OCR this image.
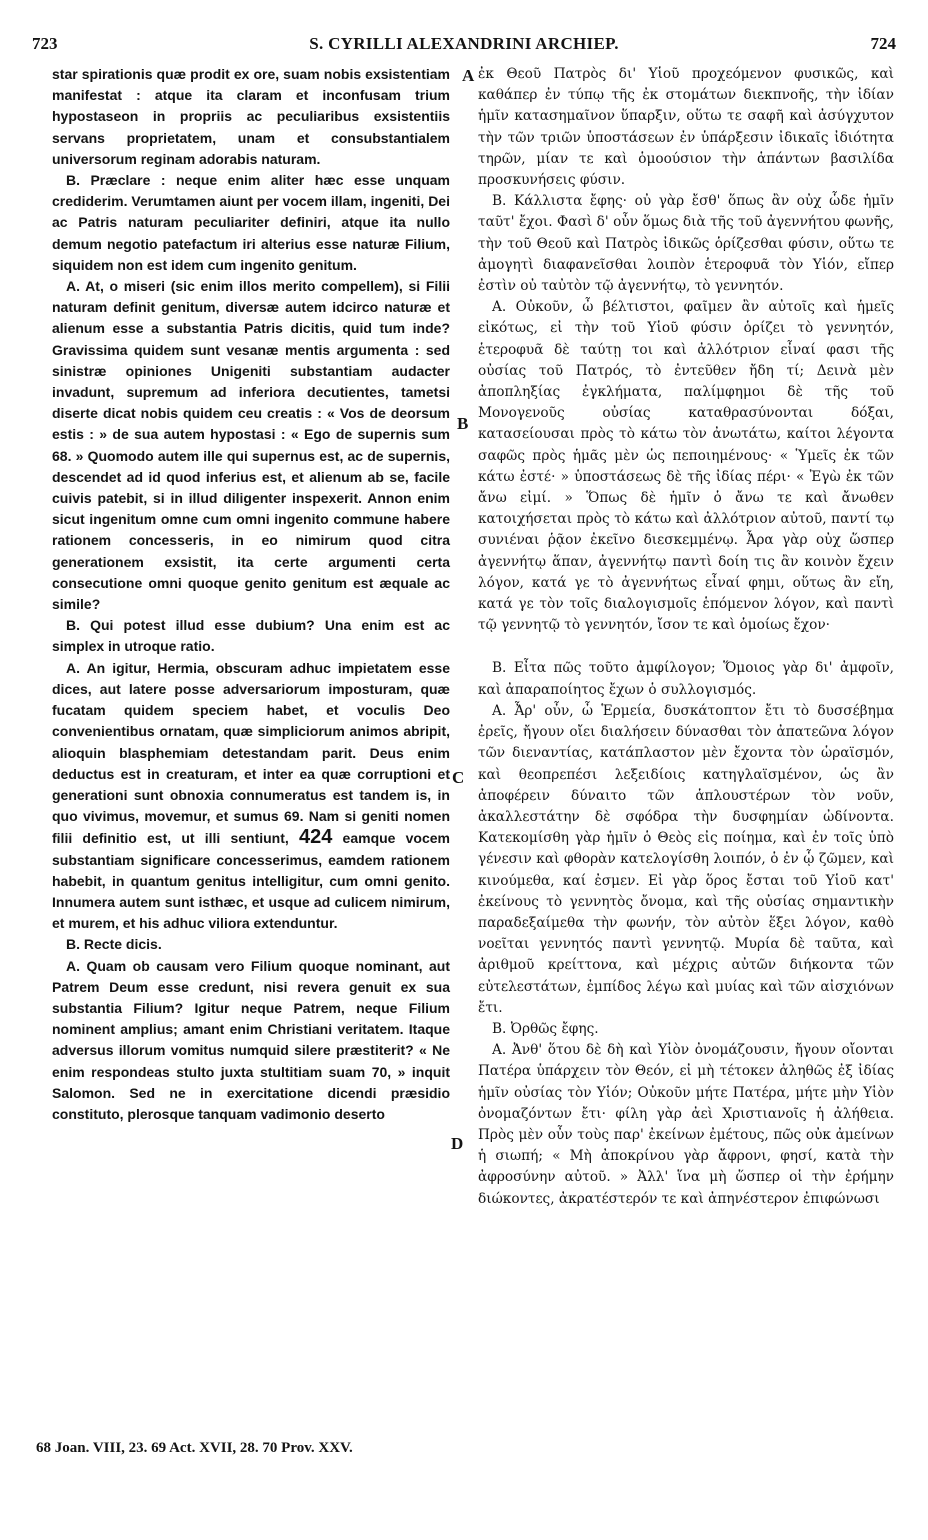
723	S. CYRILLI ALEXANDRINI ARCHIEP.	724
A
B
C
D

star spirationis quæ prodit ex ore, suam nobis exsistentiam manifestat : atque ita claram et inconfusam trium hypostaseon in propriis ac peculiaribus exsistentiis servans proprietatem, unam et consubstantialem universorum reginam adorabis naturam.

B. Præclare : neque enim aliter hæc esse unquam crediderim. Verumtamen aiunt per vocem illam, ingeniti, Dei ac Patris naturam peculiariter definiri, atque ita nullo demum negotio patefactum iri alterius esse naturæ Filium, siquidem non est idem cum ingenito genitum.

A. At, o miseri (sic enim illos merito compellem), si Filii naturam definit genitum, diversæ autem idcirco naturæ et alienum esse a substantia Patris dicitis, quid tum inde? Gravissima quidem sunt vesanæ mentis argumenta : sed sinistræ opiniones Unigeniti substantiam audacter invadunt, supremum ad inferiora decutientes, tametsi diserte dicat nobis quidem ceu creatis : « Vos de deorsum estis : » de sua autem hypostasi : « Ego de supernis sum 68. » Quomodo autem ille qui supernus est, ac de supernis, descendet ad id quod inferius est, et alienum ab se, facile cuivis patebit, si in illud diligenter inspexerit. Annon enim sicut ingenitum omne cum omni ingenito commune habere rationem concesseris, in eo nimirum quod citra generationem exsistit, ita certe argumenti certa consecutione omni quoque genito genitum est æquale ac simile?

B. Qui potest illud esse dubium? Una enim est ac simplex in utroque ratio.

A. An igitur, Hermia, obscuram adhuc impietatem esse dices, aut latere posse adversariorum imposturam, quæ fucatam quidem speciem habet, et voculis Deo convenientibus ornatam, quæ simpliciorum animos abripit, alioquin blasphemiam detestandam parit. Deus enim deductus est in creaturam, et inter ea quæ corruptioni et generationi sunt obnoxia connumeratus est tandem is, in quo vivimus, movemur, et sumus 69. Nam si geniti nomen filii definitio est, ut illi sentiunt, 424 eamque vocem substantiam significare concesserimus, eamdem rationem habebit, in quantum genitus intelligitur, cum omni genito. Innumera autem sunt isthæc, et usque ad culicem nimirum, et murem, et his adhuc viliora extenduntur.

B. Recte dicis.

A. Quam ob causam vero Filium quoque nominant, aut Patrem Deum esse credunt, nisi revera genuit ex sua substantia Filium? Igitur neque Patrem, neque Filium nominent amplius; amant enim Christiani veritatem. Itaque adversus illorum vomitus numquid silere præstiterit? « Ne enim respondeas stulto juxta stultitiam suam 70, » inquit Salomon. Sed ne in exercitatione dicendi præsidio constituto, plerosque tanquam vadimonio deserto

ἐκ Θεοῦ Πατρὸς δι' Υἱοῦ προχεόμενον φυσικῶς, καὶ καθάπερ ἐν τύπῳ τῆς ἐκ στομάτων διεκπνοῆς, τὴν ἰδίαν ἡμῖν κατασημαῖνον ὕπαρξιν, οὕτω τε σαφῆ καὶ ἀσύγχυτον τὴν τῶν τριῶν ὑποστάσεων ἐν ὑπάρξεσιν ἰδικαῖς ἰδιότητα τηρῶν, μίαν τε καὶ ὁμοούσιον τὴν ἁπάντων βασιλίδα προσκυνήσεις φύσιν.

B. Κάλλιστα ἔφης· οὐ γὰρ ἔσθ' ὅπως ἂν οὐχ ὧδε ἡμῖν ταῦτ' ἔχοι. Φασὶ δ' οὖν ὅμως διὰ τῆς τοῦ ἀγεννήτου φωνῆς, τὴν τοῦ Θεοῦ καὶ Πατρὸς ἰδικῶς ὁρίζεσθαι φύσιν, οὕτω τε ἀμογητὶ διαφανεῖσθαι λοιπὸν ἑτεροφυᾶ τὸν Υἱόν, εἴπερ ἐστὶν οὐ ταὐτὸν τῷ ἀγεννήτῳ, τὸ γεννητόν.

A. Οὐκοῦν, ὦ βέλτιστοι, φαῖμεν ἂν αὐτοῖς καὶ ἡμεῖς εἰκότως, εἰ τὴν τοῦ Υἱοῦ φύσιν ὁρίζει τὸ γεννητόν, ἑτεροφυᾶ δὲ ταύτῃ τοι καὶ ἀλλότριον εἶναί φασι τῆς οὐσίας τοῦ Πατρός, τὸ ἐντεῦθεν ἤδη τί; Δεινὰ μὲν ἀποπληξίας ἐγκλήματα, παλίμφημοι δὲ τῆς τοῦ Μονογενοῦς οὐσίας καταθρασύνονται δόξαι, κατασείουσαι πρὸς τὸ κάτω τὸν ἀνωτάτω, καίτοι λέγοντα σαφῶς πρὸς ἡμᾶς μὲν ὡς πεποιημένους· « Ὑμεῖς ἐκ τῶν κάτω ἐστέ· » ὑποστάσεως δὲ τῆς ἰδίας πέρι· « Ἐγὼ ἐκ τῶν ἄνω εἰμί. » Ὅπως δὲ ἡμῖν ὁ ἄνω τε καὶ ἄνωθεν κατοιχήσεται πρὸς τὸ κάτω καὶ ἀλλότριον αὐτοῦ, παντί τῳ συνιέναι ῥᾷον ἐκεῖνο διεσκεμμένῳ. Ἆρα γὰρ οὐχ ὥσπερ ἀγεννήτῳ ἅπαν, ἀγεννήτῳ παντὶ δοίη τις ἂν κοινὸν ἔχειν λόγον, κατά γε τὸ ἀγεννήτως εἶναί φημι, οὕτως ἂν εἴη, κατά γε τὸν τοῖς διαλογισμοῖς ἑπόμενον λόγον, καὶ παντὶ τῷ γεννητῷ τὸ γεννητόν, ἴσον τε καὶ ὁμοίως ἔχον·

B. Εἶτα πῶς τοῦτο ἀμφίλογον; Ὅμοιος γὰρ δι' ἀμφοῖν, καὶ ἀπαραποίητος ἔχων ὁ συλλογισμός.

A. Ἆρ' οὖν, ὦ Ἑρμεία, δυσκάτοπτον ἔτι τὸ δυσσέβημα ἐρεῖς, ἤγουν οἴει διαλήσειν δύνασθαι τὸν ἀπατεῶνα λόγον τῶν διεναντίας, κατάπλαστον μὲν ἔχοντα τὸν ὡραϊσμόν, καὶ θεοπρεπέσι λεξειδίοις κατηγλαϊσμένον, ὡς ἂν ἀποφέρειν δύναιτο τῶν ἁπλουστέρων τὸν νοῦν, ἀκαλλεστάτην δὲ σφόδρα τὴν δυσφημίαν ὠδίνοντα. Κατεκομίσθη γὰρ ἡμῖν ὁ Θεὸς εἰς ποίημα, καὶ ἐν τοῖς ὑπὸ γένεσιν καὶ φθορὰν κατελογίσθη λοιπόν, ὁ ἐν ᾧ ζῶμεν, καὶ κινούμεθα, καί ἐσμεν. Εἰ γὰρ ὅρος ἔσται τοῦ Υἱοῦ κατ' ἐκείνους τὸ γεννητὸς ὄνομα, καὶ τῆς οὐσίας σημαντικὴν παραδεξαίμεθα τὴν φωνήν, τὸν αὐτὸν ἕξει λόγον, καθὸ νοεῖται γεννητός παντὶ γεννητῷ. Μυρία δὲ ταῦτα, καὶ ἀριθμοῦ κρείττονα, καὶ μέχρις αὐτῶν διήκοντα τῶν εὐτελεστάτων, ἐμπίδος λέγω καὶ μυίας καὶ τῶν αἰσχιόνων ἔτι.

B. Ὀρθῶς ἔφης.

A. Ἀνθ' ὅτου δὲ δὴ καὶ Υἱὸν ὀνομάζουσιν, ἤγουν οἴονται Πατέρα ὑπάρχειν τὸν Θεόν, εἰ μὴ τέτοκεν ἀληθῶς ἐξ ἰδίας ἡμῖν οὐσίας τὸν Υἱόν; Οὐκοῦν μήτε Πατέρα, μήτε μὴν Υἱὸν ὀνομαζόντων ἔτι· φίλη γὰρ ἀεὶ Χριστιανοῖς ἡ ἀλήθεια. Πρὸς μὲν οὖν τοὺς παρ' ἐκείνων ἐμέτους, πῶς οὐκ ἀμείνων ἡ σιωπή; « Μὴ ἀποκρίνου γὰρ ἄφρονι, φησί, κατὰ τὴν ἀφροσύνην αὐτοῦ. » Ἀλλ' ἵνα μὴ ὥσπερ οἱ τὴν ἐρήμην διώκοντες, ἀκρατέστερόν τε καὶ ἀπηνέστερον ἐπιφώνωσι

68 Joan. VIII, 23. 69 Act. XVII, 28. 70 Prov. XXV.
